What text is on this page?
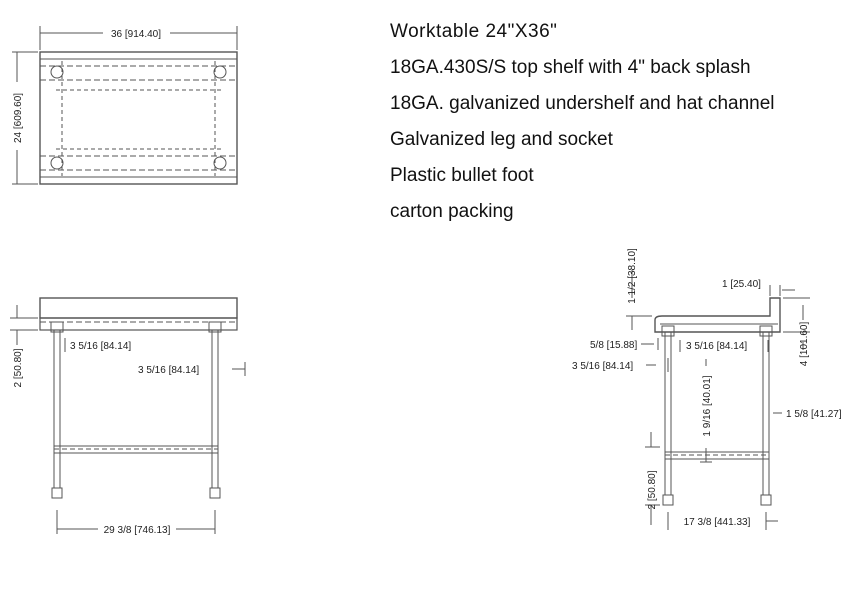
Worktable 24"X36"
18GA.430S/S top shelf with 4" back splash
18GA. galvanized undershelf and hat channel
Galvanized leg and socket
Plastic bullet foot
carton packing
36 [914.40]
24 [609.60]
2 [50.80]
3 5/16 [84.14]
3 5/16 [84.14]
29 3/8 [746.13]
1 1/2 [38.10]	1 [25.40]
5/8 [15.88]
3 5/16 [84.14]
3 5/16 [84.14]	4 [101.60]
1 9/16 [40.01]	1 5/8 [41.27]
2 [50.80]
17 3/8 [441.33]
